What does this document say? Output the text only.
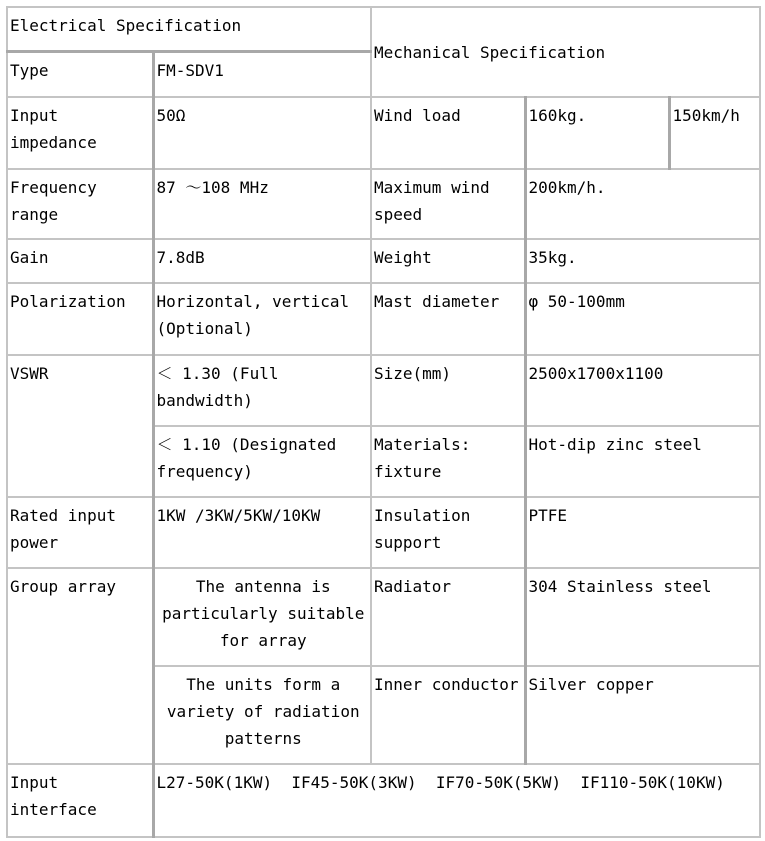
Electrical Specification		Mechanical Specification		
Type	FM-SDV1			
Input impedance	50Ω	Wind load	160kg.	150km/h
Frequency range	87 ～108 MHz	Maximum wind speed	200km/h.	
Gain	7.8dB	Weight	35kg.	
Polarization	Horizontal, vertical (Optional)	Mast diameter	φ 50-100mm	
VSWR	＜ 1.30 (Full bandwidth)	Size(mm)	2500x1700x1100	
	＜ 1.10 (Designated frequency)	Materials: fixture	Hot-dip zinc steel	
Rated input power	1KW /3KW/5KW/10KW	Insulation support	PTFE	
Group array	The antenna is particularly suitable for array	Radiator	304 Stainless steel	
	The units form a variety of radiation patterns	Inner conductor	Silver copper	
Input interface	L27-50K(1KW)  IF45-50K(3KW)  IF70-50K(5KW)  IF110-50K(10KW)			
